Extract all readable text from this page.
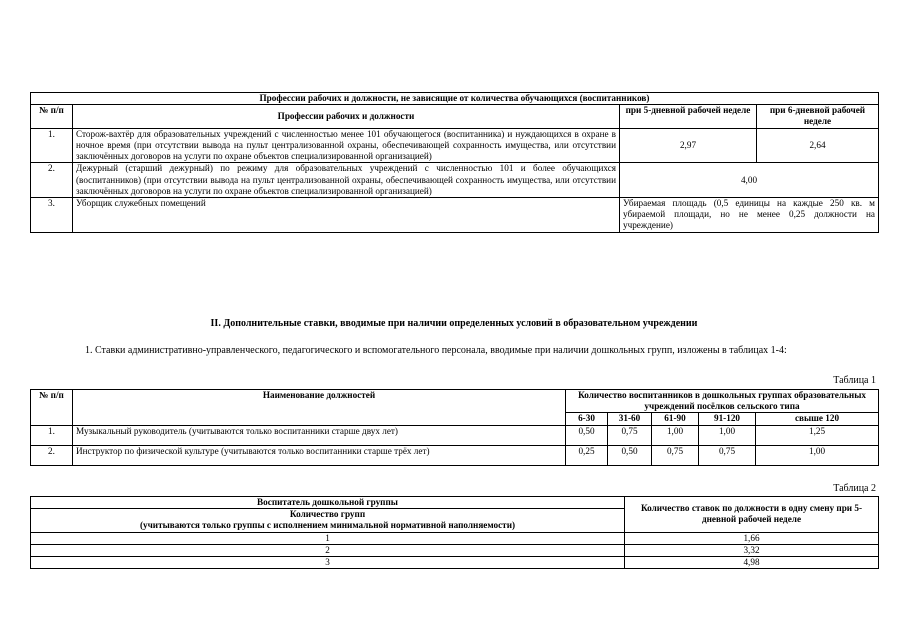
Профессии рабочих и должности, не зависящие от количества обучающихся (воспитанников)			
№ п/п	Профессии рабочих и должности	при 5-дневной рабочей неделе	при 6-дневной рабочей неделе
1.	Сторож-вахтёр для образовательных учреждений с численностью менее 101 обучающегося (воспитанника) и нуждающихся в охране в ночное время (при отсутствии вывода на пульт централизованной охраны, обеспечивающей сохранность имущества, или отсутствии заключённых договоров на услуги по охране объектов специализированной организацией)	2,97	2,64
2.	Дежурный (старший дежурный) по режиму для образовательных учреждений с численностью 101 и более обучающихся (воспитанников) (при отсутствии вывода на пульт централизованной охраны, обеспечивающей сохранность имущества, или отсутствии заключённых договоров на услуги по охране объектов специализированной организацией)	4,00	
3.	Уборщик служебных помещений	Убираемая площадь (0,5 единицы на каждые 250 кв. м убираемой площади, но не менее 0,25 должности на учреждение)	
II. Дополнительные ставки, вводимые при наличии определенных условий в образовательном учреждении
1. Ставки административно-управленческого, педагогического и вспомогательного персонала, вводимые при наличии дошкольных групп, изложены в таблицах 1-4:
Таблица 1
№ п/п	Наименование должностей	Количество воспитанников в дошкольных группах образовательных учреждений посёлков сельского типа				
		6-30	31-60	61-90	91-120	свыше 120
1.	Музыкальный руководитель (учитываются только воспитанники старше двух лет)	0,50	0,75	1,00	1,00	1,25
2.	Инструктор по физической культуре (учитываются только воспитанники старше трёх лет)	0,25	0,50	0,75	0,75	1,00
Таблица 2
Воспитатель дошкольной группы	Количество ставок по должности в одну смену при 5-дневной рабочей неделе

Количество групп
(учитываются только группы с исполнением минимальной нормативной наполняемости)	

1	1,66
2	3,32
3	4,98
